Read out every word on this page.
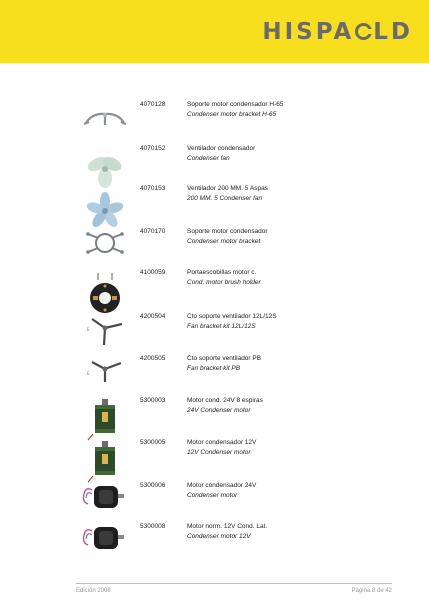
HISPA LD
4070128	Soporte motor condensador H-65
Condenser motor bracket H-65
4070152	Ventilador condensador
Condenser fan
4070153	Ventilador 200 MM. 5 Aspas
200 MM. 5 Condenser fan
4070170	Soporte motor condensador
Condenser motor bracket
4100059	Portaescobillas motor c.
Cond. motor brush holder
E
4200504	Cto soporte ventilador 12L/12S
Fan bracket kit 12L/12S
E
4200505	Cto soporte ventilador PB
Fan bracket kit PB
5300003	Motor cond. 24V 8 espiras
24V Condenser motor
5300005	Motor condensador 12V
12V Condenser motor
5300006	Motor condensador 24V
Condenser motor
5300008	Motor norm. 12V Cond. Lat.
Condenser motor 12V
Edición 2008	Página 8 de 42
